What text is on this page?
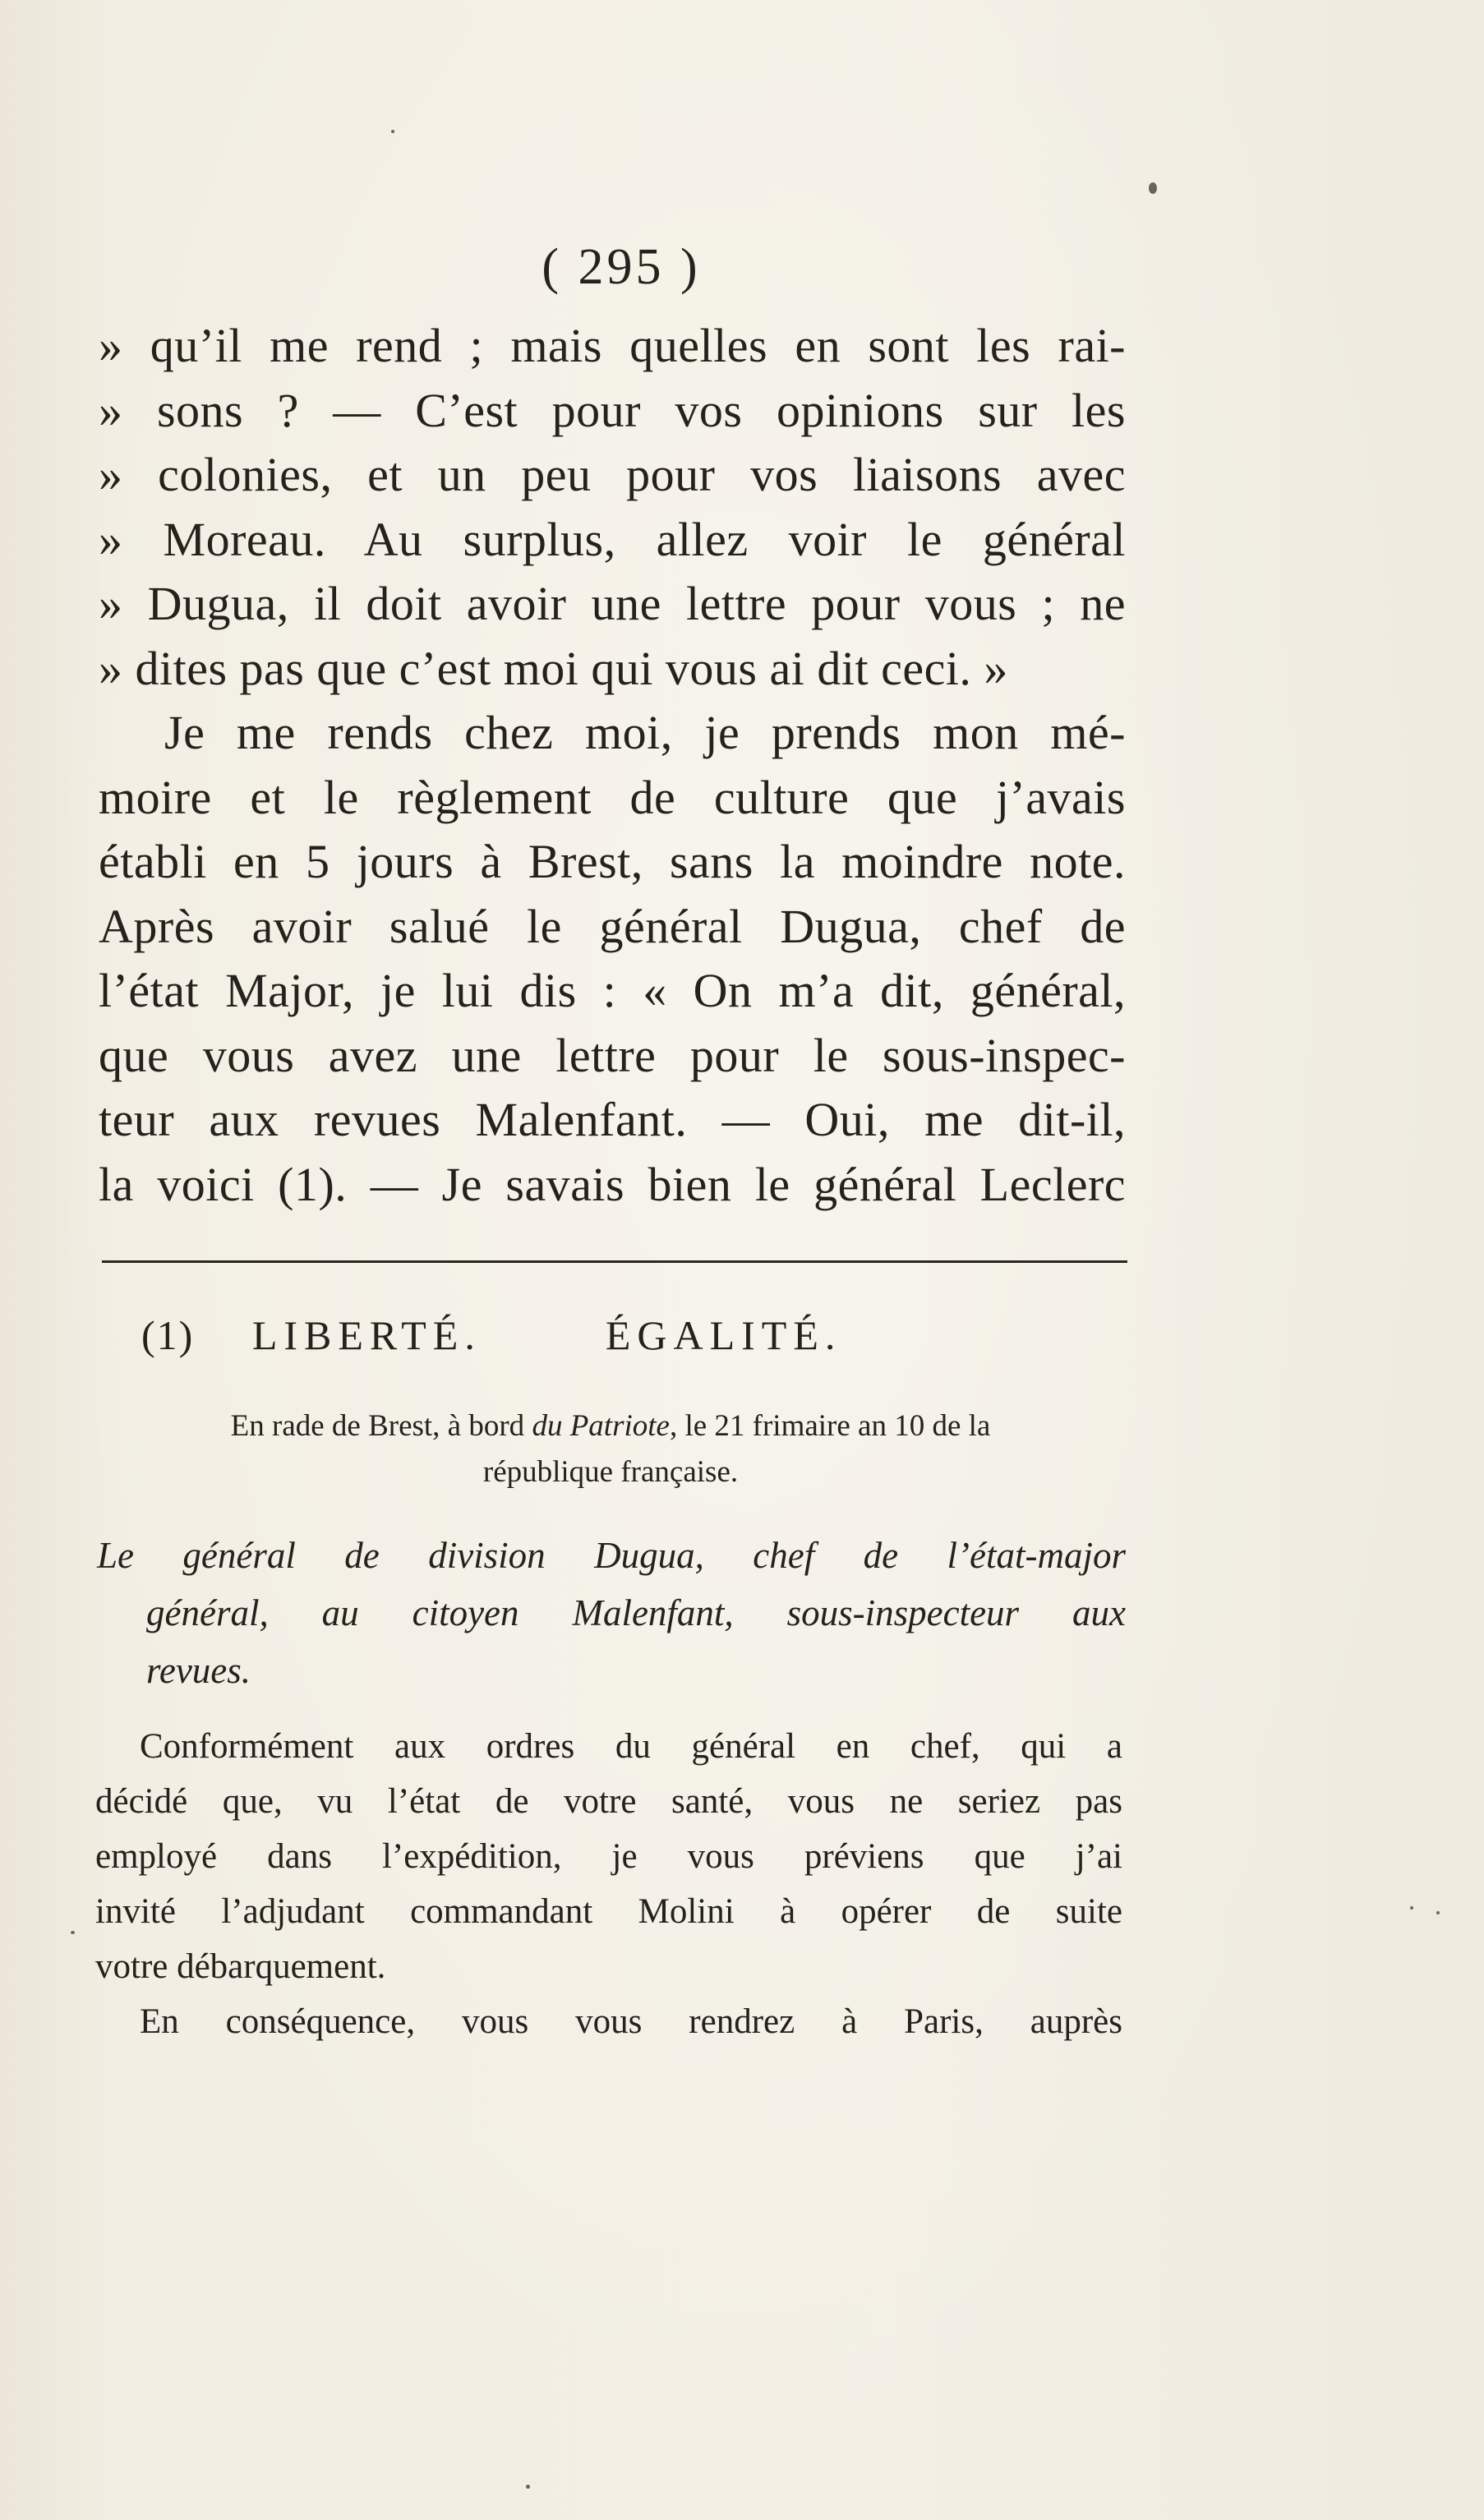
( 295 )
» qu’il me rend ; mais quelles en sont les rai-
» sons ? — C’est pour vos opinions sur les
» colonies, et un peu pour vos liaisons avec
» Moreau. Au surplus, allez voir le général
» Dugua, il doit avoir une lettre pour vous ; ne
» dites pas que c’est moi qui vous ai dit ceci. »
Je me rends chez moi, je prends mon mé-
moire et le règlement de culture que j’avais
établi en 5 jours à Brest, sans la moindre note.
Après avoir salué le général Dugua, chef de
l’état Major, je lui dis : « On m’a dit, général,
que vous avez une lettre pour le sous-inspec-
teur aux revues Malenfant. — Oui, me dit-il,
la voici (1). — Je savais bien le général Leclerc
(1) LIBERTÉ.	ÉGALITÉ.
En rade de Brest, à bord du Patriote, le 21 frimaire an 10 de la
république française.
Le général de division Dugua, chef de l’état-major
général, au citoyen Malenfant, sous-inspecteur aux
revues.
Conformément aux ordres du général en chef, qui a
décidé que, vu l’état de votre santé, vous ne seriez pas
employé dans l’expédition, je vous préviens que j’ai
invité l’adjudant commandant Molini à opérer de suite
votre débarquement.
En conséquence, vous vous rendrez à Paris, auprès
